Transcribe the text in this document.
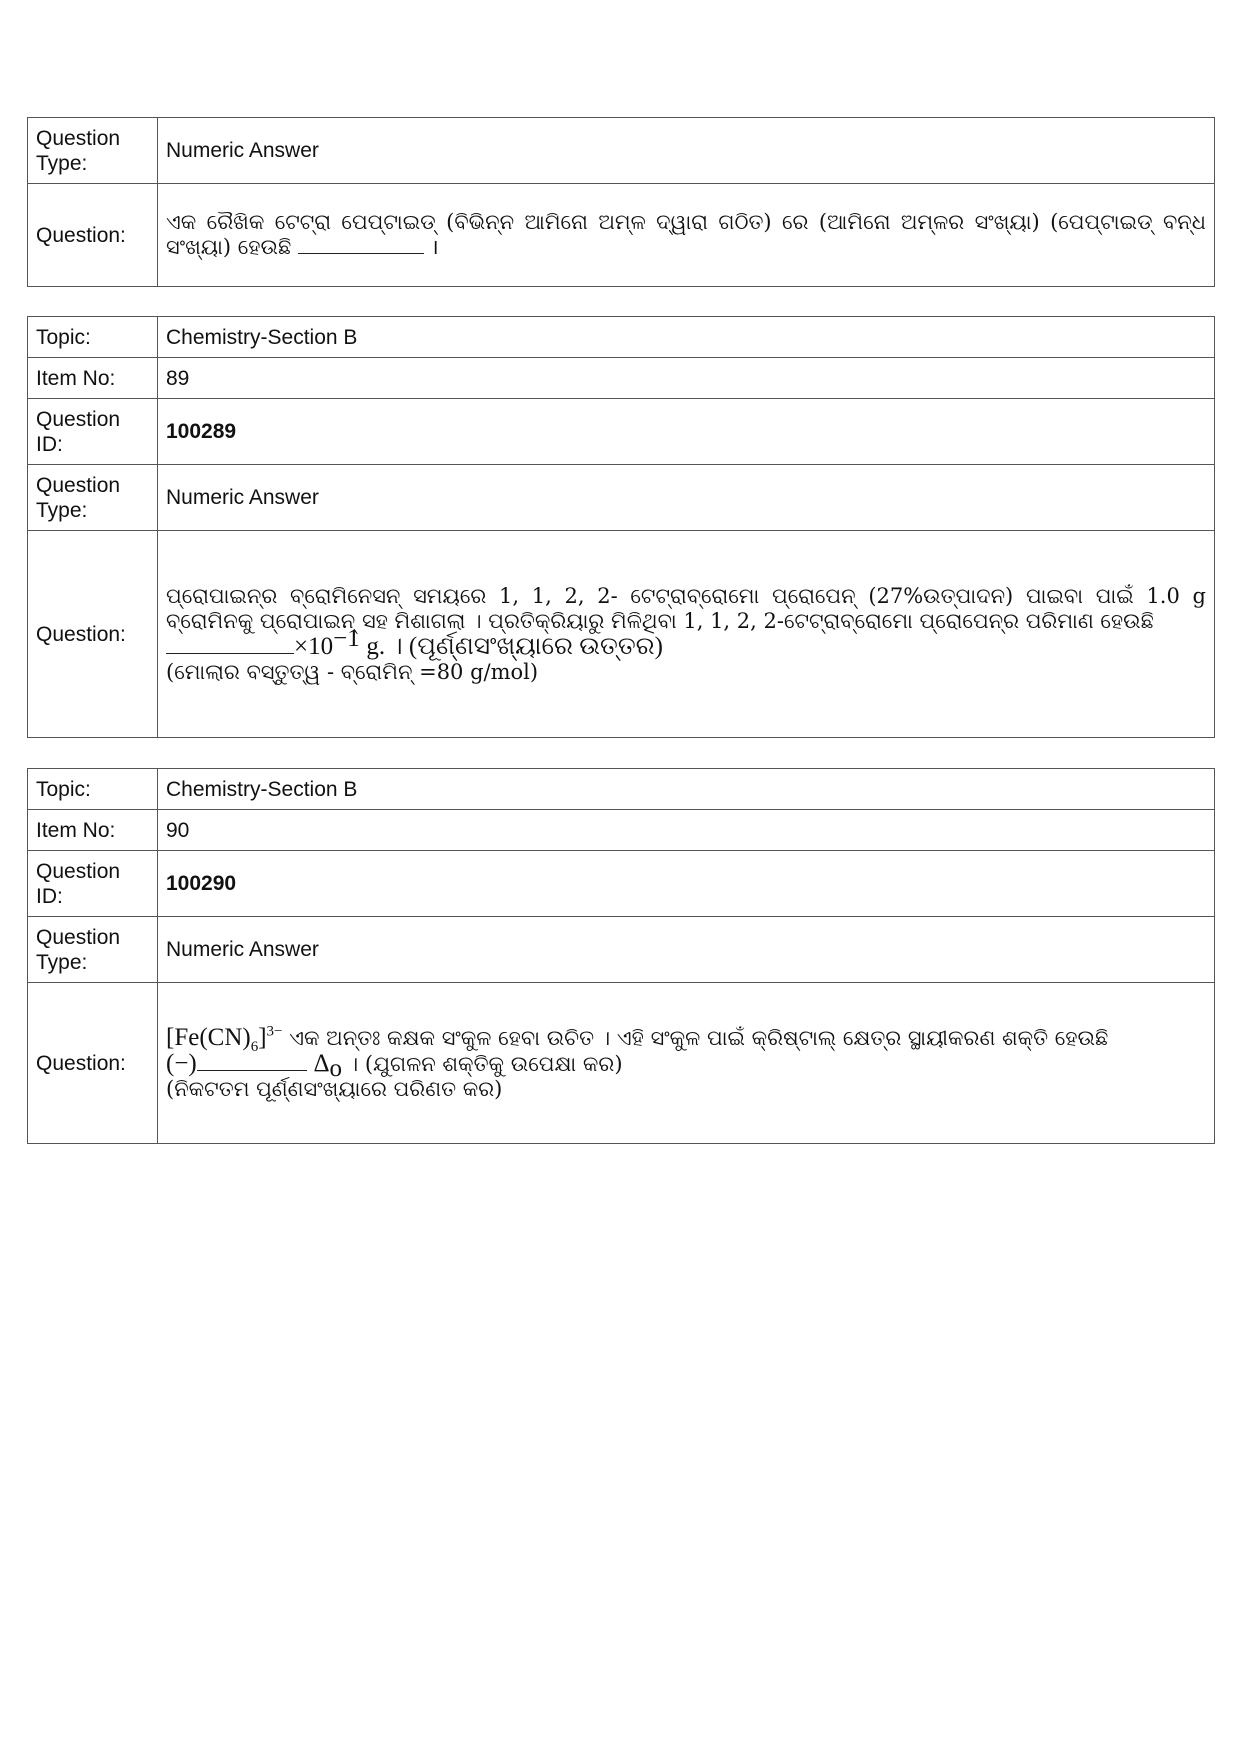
Question Type:	Numeric Answer
Question:	ଏକ ରୈଖିକ ଟେଟ୍ରା ପେପ୍‌ଟାଇଡ୍ (ବିଭିନ୍ନ ଆମିନୋ ଅମ୍ଳ ଦ୍ୱାରା ଗଠିତ) ରେ (ଆମିନୋ ଅମ୍ଳର ସଂଖ୍ୟା) (ପେପ୍‌ଟାଇଡ୍ ବନ୍ଧ ସଂଖ୍ୟା) ହେଉଛି ।
Topic:	Chemistry-Section B
Item No:	89
Question ID:	100289
Question Type:	Numeric Answer
Question:	ପ୍ରୋପାଇନ୍‌ର ବ୍ରୋମିନେସନ୍ ସମୟରେ 1, 1, 2, 2- ଟେଟ୍ରାବ୍ରୋମୋ ପ୍ରୋପେନ୍ (27%ଉତ୍ପାଦନ) ପାଇବା ପାଇଁ 1.0 g ବ୍ରୋମିନକୁ ପ୍ରୋପାଇନ୍ ସହ ମିଶାଗଲା । ପ୍ରତିକ୍ରିୟାରୁ ମିଳିଥିବା 1, 1, 2, 2-ଟେଟ୍ରାବ୍ରୋମୋ ପ୍ରୋପେନ୍‌ର ପରିମାଣ ହେଉଛି

$\times 10^{-1}$ g. । (ପୂର୍ଣ୍ଣସଂଖ୍ୟାରେ ଉତ୍ତର)

(ମୋଲାର ବସ୍ତୁତ୍ୱ - ବ୍ରୋମିନ୍ =80 g/mol)

Topic:	Chemistry-Section B
Item No:	90
Question ID:	100290
Question Type:	Numeric Answer
Question:	$[Fe(CN)_6]^{3-}$ ଏକ ଅନ୍ତଃ କକ୍ଷକ ସଂକୁଳ ହେବା ଉଚିତ । ଏହି ସଂକୁଳ ପାଇଁ କ୍ରିଷ୍ଟାଲ୍ କ୍ଷେତ୍ର ସ୍ଥାୟୀକରଣ ଶକ୍ତି ହେଉଛି

(−) $\Delta_o$ । (ଯୁଗଳନ ଶକ୍ତିକୁ ଉପେକ୍ଷା କର)

(ନିକଟତମ ପୂର୍ଣ୍ଣସଂଖ୍ୟାରେ ପରିଣତ କର)
